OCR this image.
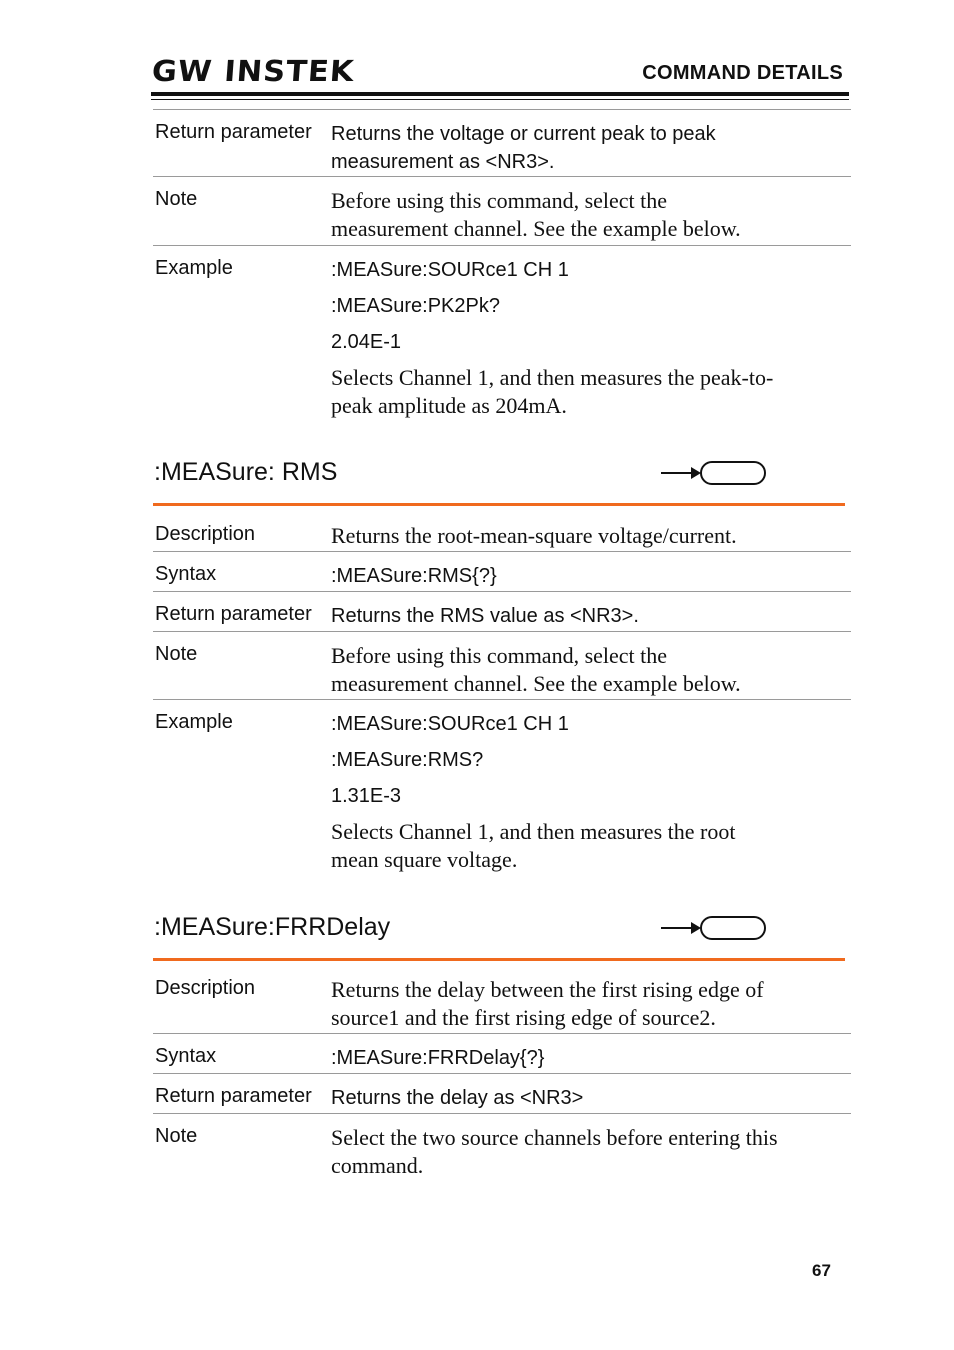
GW INSTEK	COMMAND DETAILS
Return parameter Returns the voltage or current peak to peak
measurement as <NR3>.
Note	Before using this command, select the
measurement channel. See the example below.
Example	:MEASure:SOURce1 CH 1
:MEASure:PK2Pk?
2.04E-1
Selects Channel 1, and then measures the peak-to-
peak amplitude as 204mA.
:MEASure: RMS
Description	Returns the root-mean-square voltage/current.
Syntax	:MEASure:RMS{?}
Return parameter Returns the RMS value as <NR3>.
Note	Before using this command, select the
measurement channel. See the example below.
Example	:MEASure:SOURce1 CH 1
:MEASure:RMS?
1.31E-3
Selects Channel 1, and then measures the root
mean square voltage.
:MEASure:FRRDelay
Description	Returns the delay between the first rising edge of
source1 and the first rising edge of source2.
Syntax	:MEASure:FRRDelay{?}
Return parameter Returns the delay as <NR3>
Note	Select the two source channels before entering this
command.
67
